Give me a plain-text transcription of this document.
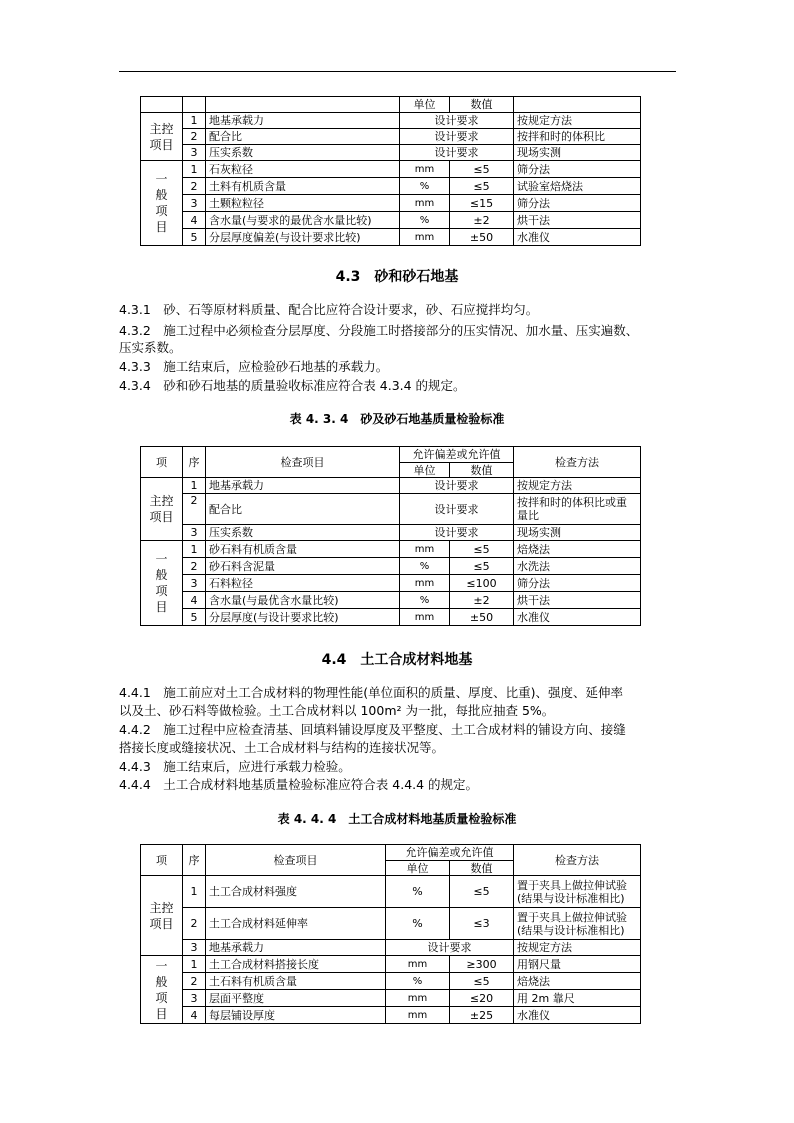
			单位	数值	
主控项目	1	地基承载力	设计要求		按规定方法
	2	配合比	设计要求		按拌和时的体积比
	3	压实系数	设计要求		现场实测
一般项目	1	石灰粒径	mm	≤5	筛分法
	2	土料有机质含量	%	≤5	试验室焙烧法
	3	土颗粒粒径	mm	≤15	筛分法
	4	含水量(与要求的最优含水量比较)	%	±2	烘干法
	5	分层厚度偏差(与设计要求比较)	mm	±50	水准仪
4.3　砂和砂石地基
4.3.1　砂、石等原材料质量、配合比应符合设计要求，砂、石应搅拌均匀。
4.3.2　施工过程中必须检查分层厚度、分段施工时搭接部分的压实情况、加水量、压实遍数、
压实系数。
4.3.3　施工结束后，应检验砂石地基的承载力。
4.3.4　砂和砂石地基的质量验收标准应符合表 4.3.4 的规定。
表 4. 3. 4　砂及砂石地基质量检验标准
项	序	检查项目	允许偏差或允许值		检查方法
			单位	数值	
主控项目	1	地基承载力	设计要求		按规定方法
	2	配合比	设计要求		按拌和时的体积比或重量比
	3	压实系数	设计要求		现场实测
一般项目	1	砂石料有机质含量	mm	≤5	焙烧法
	2	砂石料含泥量	%	≤5	水洗法
	3	石料粒径	mm	≤100	筛分法
	4	含水量(与最优含水量比较)	%	±2	烘干法
	5	分层厚度(与设计要求比较)	mm	±50	水准仪
4.4　土工合成材料地基
4.4.1　施工前应对土工合成材料的物理性能(单位面积的质量、厚度、比重)、强度、延伸率
以及土、砂石料等做检验。土工合成材料以 100m² 为一批，每批应抽查 5%。
4.4.2　施工过程中应检查清基、回填料铺设厚度及平整度、土工合成材料的铺设方向、接缝
搭接长度或缝接状况、土工合成材料与结构的连接状况等。
4.4.3　施工结束后，应进行承载力检验。
4.4.4　土工合成材料地基质量检验标准应符合表 4.4.4 的规定。
表 4. 4. 4　土工合成材料地基质量检验标准
项	序	检查项目	允许偏差或允许值		检查方法
			单位	数值	
主控项目	1	土工合成材料强度	%	≤5	置于夹具上做拉伸试验
(结果与设计标准相比)

	2	土工合成材料延伸率	%	≤3	置于夹具上做拉伸试验
(结果与设计标准相比)

	3	地基承载力	设计要求		按规定方法
一般项目	1	土工合成材料搭接长度	mm	≥300	用钢尺量
	2	土石料有机质含量	%	≤5	焙烧法
	3	层面平整度	mm	≤20	用 2m 靠尺
	4	每层铺设厚度	mm	±25	水准仪
